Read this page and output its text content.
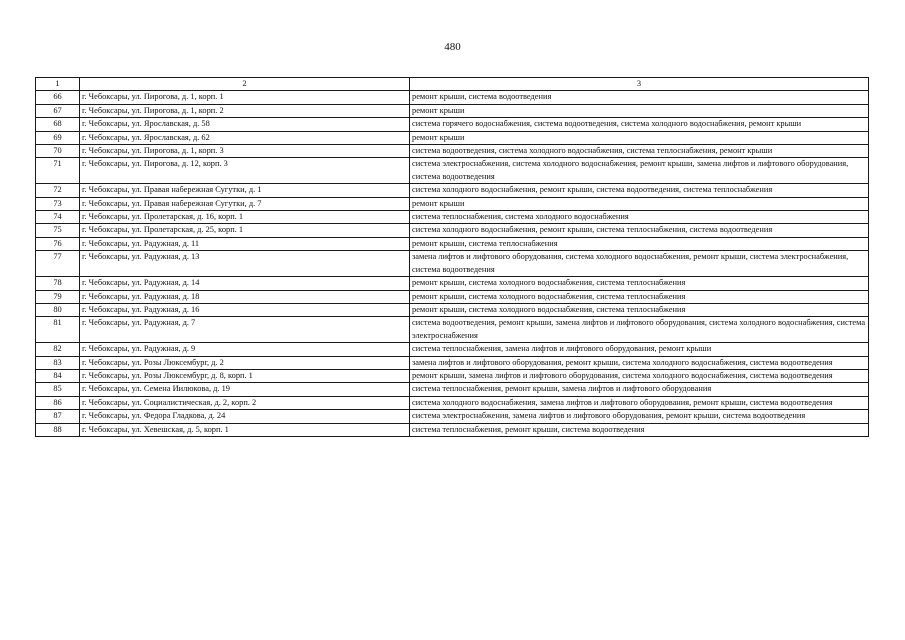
480
1	2	3
66	г. Чебоксары, ул. Пирогова, д. 1, корп. 1	ремонт крыши, система водоотведения
67	г. Чебоксары, ул. Пирогова, д. 1, корп. 2	ремонт крыши
68	г. Чебоксары, ул. Ярославская, д. 58	система горячего водоснабжения, система водоотведения, система холодного водоснабжения, ремонт крыши
69	г. Чебоксары, ул. Ярославская, д. 62	ремонт крыши
70	г. Чебоксары, ул. Пирогова, д. 1, корп. 3	система водоотведения, система холодного водоснабжения, система теплоснабжения, ремонт крыши
71	г. Чебоксары, ул. Пирогова, д. 12, корп. 3	система электроснабжения, система холодного водоснабжения, ремонт крыши, замена лифтов и лифтового оборудования, система водоотведения
72	г. Чебоксары, ул. Правая набережная Сугутки, д. 1	система холодного водоснабжения, ремонт крыши, система водоотведения, система теплоснабжения
73	г. Чебоксары, ул. Правая набережная Сугутки, д. 7	ремонт крыши
74	г. Чебоксары, ул. Пролетарская, д. 16, корп. 1	система теплоснабжения, система холодного водоснабжения
75	г. Чебоксары, ул. Пролетарская, д. 25, корп. 1	система холодного водоснабжения, ремонт крыши, система теплоснабжения, система водоотведения
76	г. Чебоксары, ул. Радужная, д. 11	ремонт крыши, система теплоснабжения
77	г. Чебоксары, ул. Радужная, д. 13	замена лифтов и лифтового оборудования, система холодного водоснабжения, ремонт крыши, система электроснабжения, система водоотведения
78	г. Чебоксары, ул. Радужная, д. 14	ремонт крыши, система холодного водоснабжения, система теплоснабжения
79	г. Чебоксары, ул. Радужная, д. 18	ремонт крыши, система холодного водоснабжения, система теплоснабжения
80	г. Чебоксары, ул. Радужная, д. 16	ремонт крыши, система холодного водоснабжения, система теплоснабжения
81	г. Чебоксары, ул. Радужная, д. 7	система водоотведения, ремонт крыши, замена лифтов и лифтового оборудования, система холодного водоснабжения, система электроснабжения
82	г. Чебоксары, ул. Радужная, д. 9	система теплоснабжения, замена лифтов и лифтового оборудования, ремонт крыши
83	г. Чебоксары, ул. Розы Люксембург, д. 2	замена лифтов и лифтового оборудования, ремонт крыши, система холодного водоснабжения, система водоотведения
84	г. Чебоксары, ул. Розы Люксембург, д. 8, корп. 1	ремонт крыши, замена лифтов и лифтового оборудования, система холодного водоснабжения, система водоотведения
85	г. Чебоксары, ул. Семена Иилюкова, д. 19	система теплоснабжения, ремонт крыши, замена лифтов и лифтового оборудования
86	г. Чебоксары, ул. Социалистическая, д. 2, корп. 2	система холодного водоснабжения, замена лифтов и лифтового оборудования, ремонт крыши, система водоотведения
87	г. Чебоксары, ул. Федора Гладкова, д. 24	система электроснабжения, замена лифтов и лифтового оборудования, ремонт крыши, система водоотведения
88	г. Чебоксары, ул. Хевешская, д. 5, корп. 1	система теплоснабжения, ремонт крыши, система водоотведения
